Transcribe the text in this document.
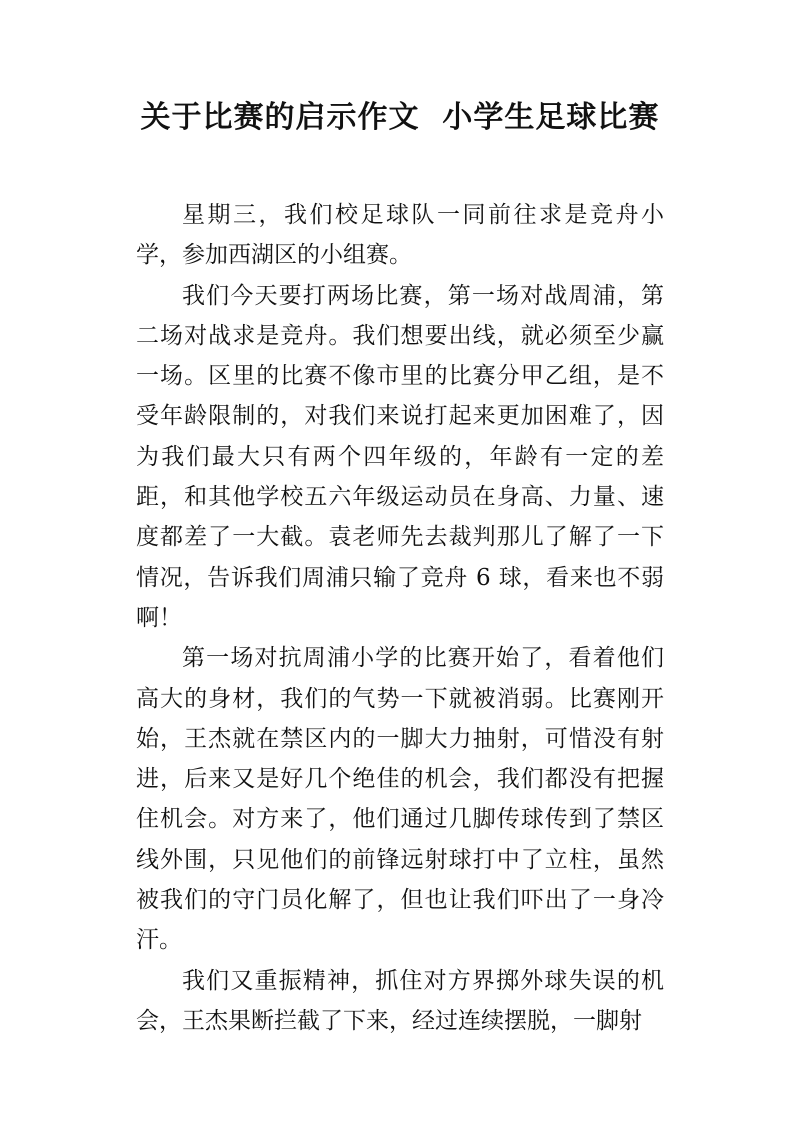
关于比赛的启示作文  小学生足球比赛

星期三，我们校足球队一同前往求是竞舟小学，参加西湖区的小组赛。

我们今天要打两场比赛，第一场对战周浦，第二场对战求是竞舟。我们想要出线，就必须至少赢一场。区里的比赛不像市里的比赛分甲乙组，是不受年龄限制的，对我们来说打起来更加困难了，因为我们最大只有两个四年级的，年龄有一定的差距，和其他学校五六年级运动员在身高、力量、速度都差了一大截。袁老师先去裁判那儿了解了一下情况，告诉我们周浦只输了竞舟 6 球，看来也不弱啊！

第一场对抗周浦小学的比赛开始了，看着他们高大的身材，我们的气势一下就被消弱。比赛刚开始，王杰就在禁区内的一脚大力抽射，可惜没有射进，后来又是好几个绝佳的机会，我们都没有把握住机会。对方来了，他们通过几脚传球传到了禁区线外围，只见他们的前锋远射球打中了立柱，虽然被我们的守门员化解了，但也让我们吓出了一身冷汗。

我们又重振精神，抓住对方界掷外球失误的机会，王杰果断拦截了下来，经过连续摆脱，一脚射
